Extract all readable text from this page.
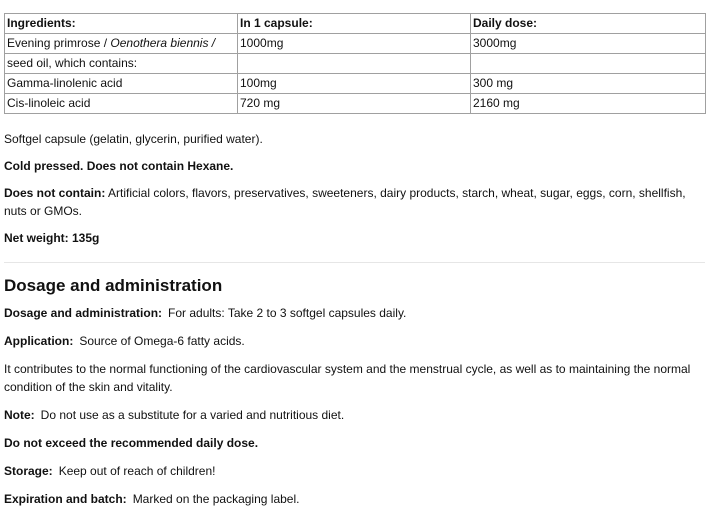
Ingredients:	In 1 capsule:	Daily dose:
Evening primrose / Oenothera biennis /	1000mg	3000mg
seed oil, which contains:		
Gamma-linolenic acid	100mg	300 mg
Cis-linoleic acid	720 mg	2160 mg

Softgel capsule (gelatin, glycerin, purified water).

Cold pressed. Does not contain Hexane.

Does not contain: Artificial colors, flavors, preservatives, sweeteners, dairy products, starch, wheat, sugar, eggs, corn, shellfish, nuts or GMOs.

Net weight: 135g

Dosage and administration

Dosage and administration: For adults: Take 2 to 3 softgel capsules daily.

Application: Source of Omega-6 fatty acids.

It contributes to the normal functioning of the cardiovascular system and the menstrual cycle, as well as to maintaining the normal condition of the skin and vitality.

Note: Do not use as a substitute for a varied and nutritious diet.

Do not exceed the recommended daily dose.

Storage: Keep out of reach of children!

Expiration and batch: Marked on the packaging label.
